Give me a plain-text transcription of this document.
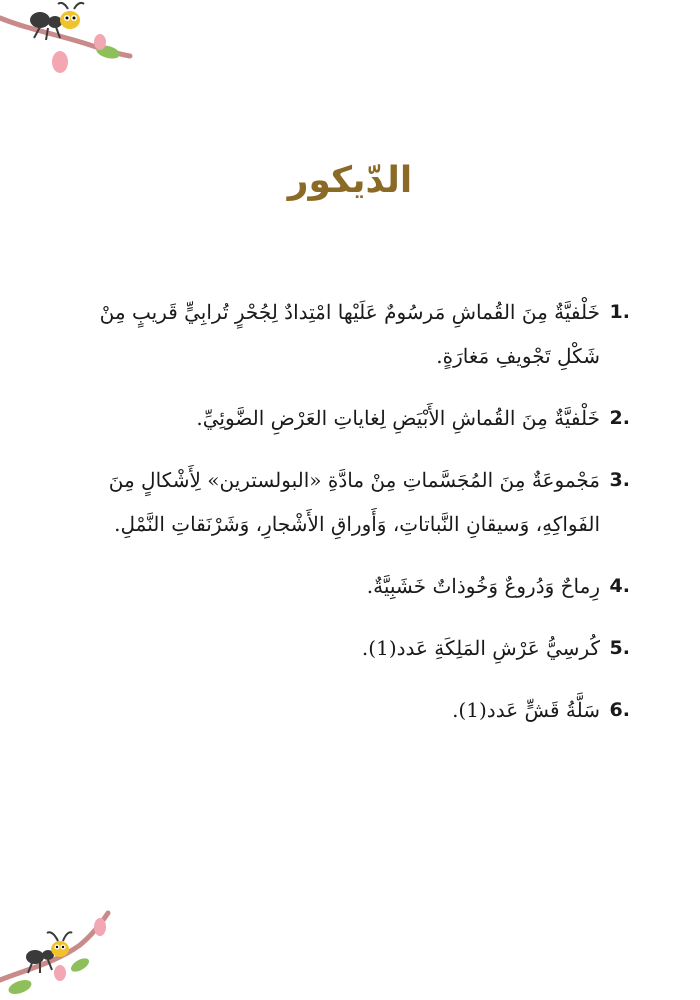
الدّيكور
1.
خَلْفيَّةٌ مِنَ القُماشِ مَرسُومٌ عَلَيْها امْتِدادٌ لِجُحْرٍ تُرابِيٍّ قَريبٍ مِنْ شَكْلِ تَجْويفِ مَغارَةٍ.
2.
خَلْفيَّةٌ مِنَ القُماشِ الأَبْيَضِ لِغاياتِ العَرْضِ الضَّوئِيِّ.
3.
مَجْموعَةٌ مِنَ المُجَسَّماتِ مِنْ مادَّةِ «البولسترين» لِأَشْكالٍ مِنَ الفَواكِهِ، وَسيقانِ النَّباتاتِ، وَأَوراقِ الأَشْجارِ، وَشَرْنَقاتِ النَّمْلِ.
4.
رِماحٌ وَدُروعٌ وَخُوذاتٌ خَشَبِيَّةٌ.
5.
كُرسِيُّ عَرْشِ المَلِكَةِ عَدد(1).
6.
سَلَّةُ قَشٍّ عَدد(1).
